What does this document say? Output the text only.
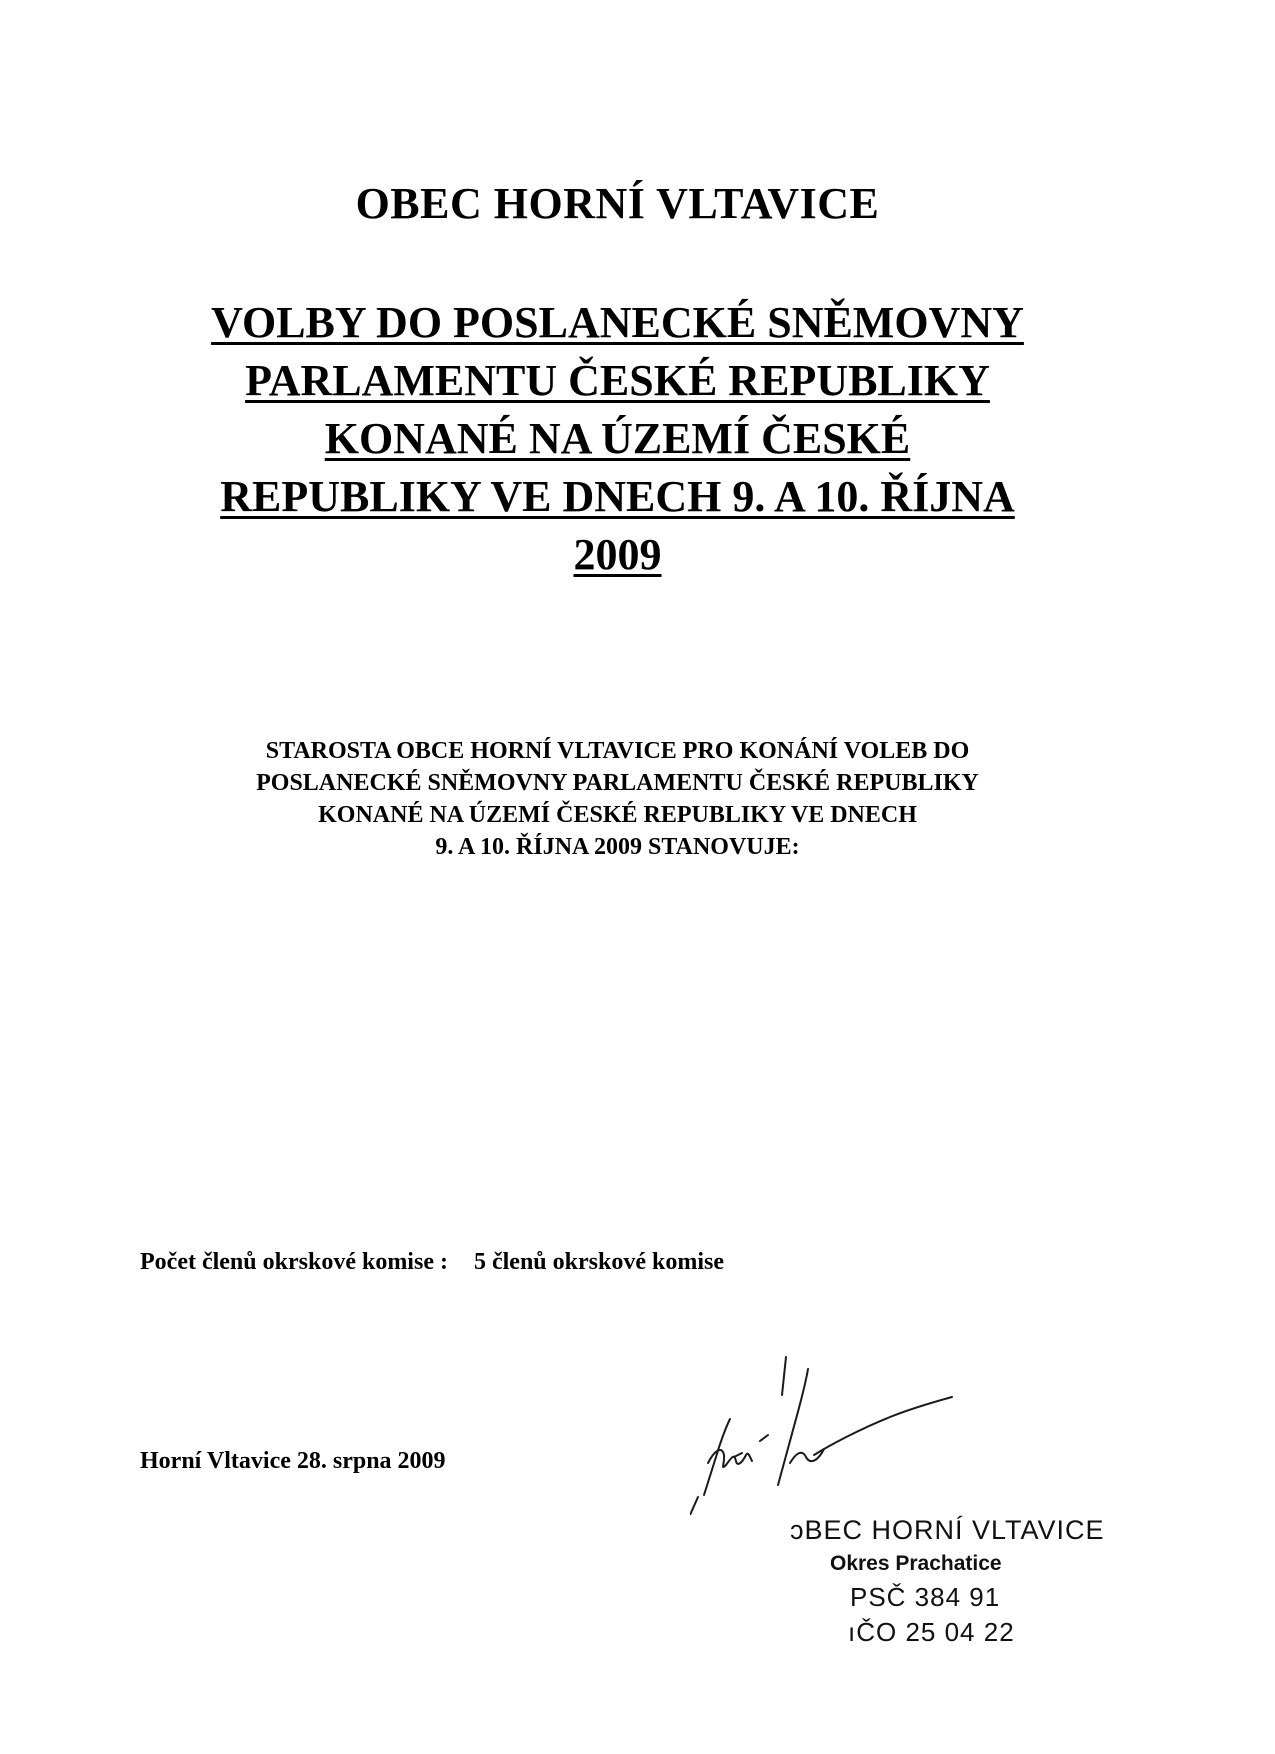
OBEC HORNÍ VLTAVICE
VOLBY DO POSLANECKÉ SNĚMOVNY
PARLAMENTU ČESKÉ REPUBLIKY
KONANÉ NA ÚZEMÍ ČESKÉ
REPUBLIKY VE DNECH 9. A 10. ŘÍJNA
2009
STAROSTA OBCE HORNÍ VLTAVICE PRO KONÁNÍ VOLEB DO
POSLANECKÉ SNĚMOVNY PARLAMENTU ČESKÉ REPUBLIKY
KONANÉ NA ÚZEMÍ ČESKÉ REPUBLIKY VE DNECH
9. A 10. ŘÍJNA 2009 STANOVUJE:
Počet členů okrskové komise : 5 členů okrskové komise
Horní Vltavice 28. srpna 2009
ᴐBEC HORNÍ VLTAVICE
Okres Prachatice
PSČ 384 91
ıČO 25 04 22
